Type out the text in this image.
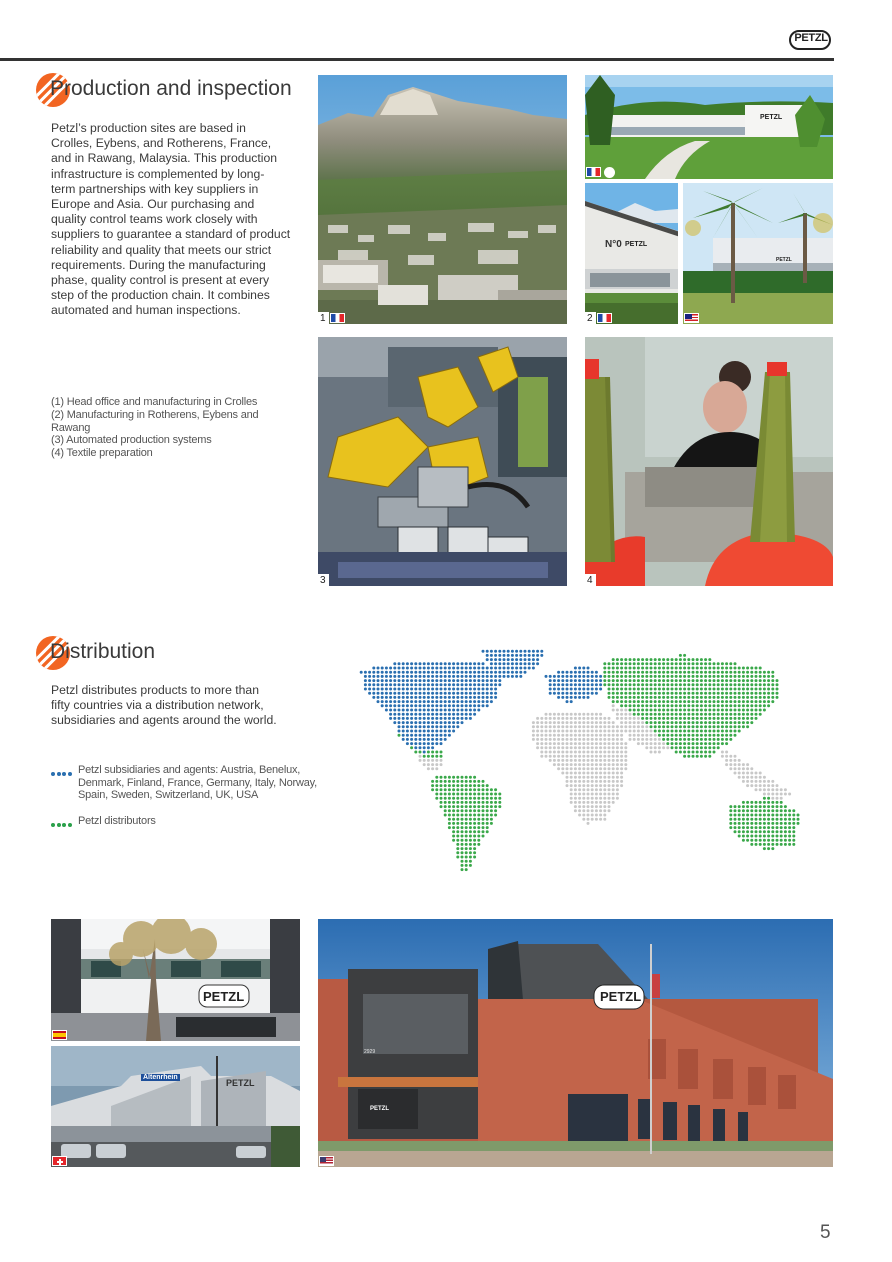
PETZL
Production and inspection
Petzl’s production sites are based in
Crolles, Eybens, and Rotherens, France,
and in Rawang, Malaysia. This production
infrastructure is complemented by long-
term partnerships with key suppliers in
Europe and Asia. Our purchasing and
quality control teams work closely with
suppliers to guarantee a standard of product
reliability and quality that meets our strict
requirements. During the manufacturing
phase, quality control is present at every
step of the production chain. It combines
automated and human inspections.
(1) Head office and manufacturing in Crolles
(2) Manufacturing in Rotherens, Eybens and
Rawang
(3) Automated production systems
(4) Textile preparation
1
PETZL
N°0 PETZL
2
PETZL
3	4
Distribution
Petzl distributes products to more than
fifty countries via a distribution network,
subsidiaries and agents around the world.
Petzl subsidiaries and agents: Austria, Benelux,
Denmark, Finland, France, Germany, Italy, Norway,
Spain, Sweden, Switzerland, UK, USA
Petzl distributors
PETZL
Altenrhein
PETZL
PETZL
PETZL
2929
5
